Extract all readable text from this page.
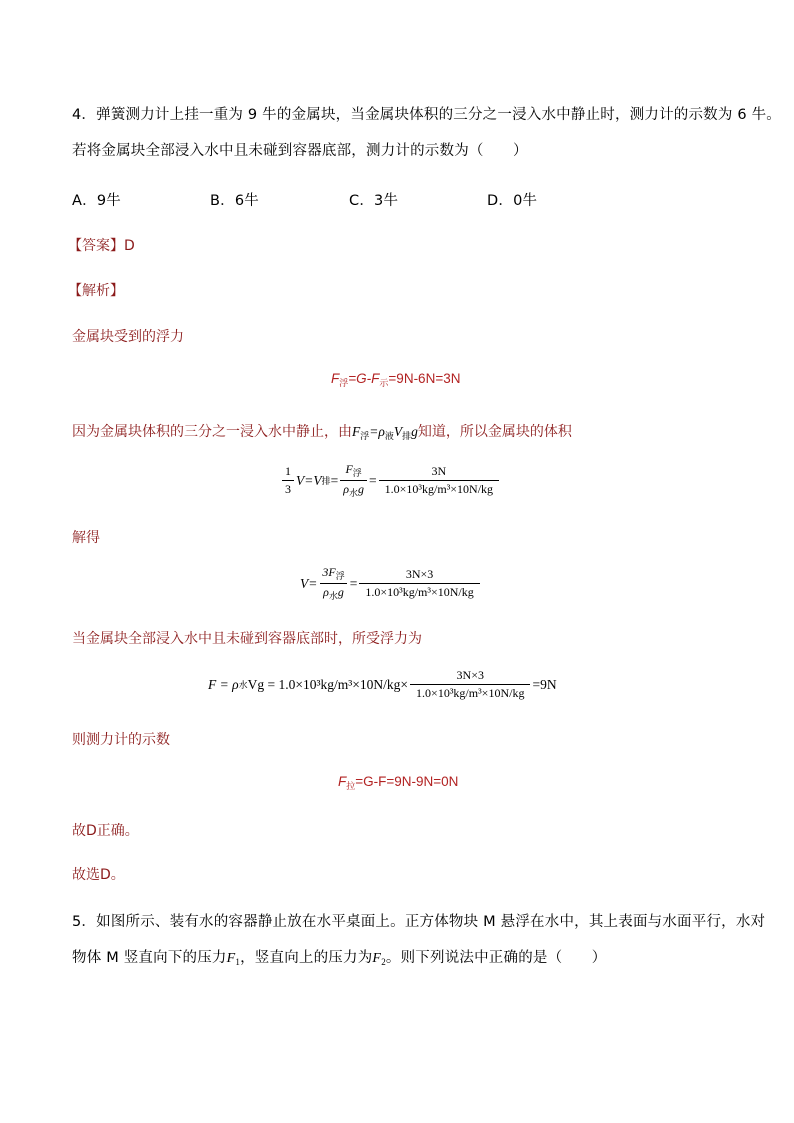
4．弹簧测力计上挂一重为 9 牛的金属块，当金属块体积的三分之一浸入水中静止时，测力计的示数为 6 牛。
若将金属块全部浸入水中且未碰到容器底部，测力计的示数为（　　）
A．9牛	B．6牛	C．3牛	D．0牛
【答案】D
【解析】
金属块受到的浮力
$F_浮=G-F_示=9N-6N=3N$
因为金属块体积的三分之一浸入水中静止，由$F_浮=\rho_液V_排g$知道，所以金属块的体积
$\frac{1}{3} V=V$ 排 = $\frac{F_浮}{\rho_水g} = \frac{3N}{\text{1.0×10³kg/m³×10N/kg}}$
解得
$V= \frac{3F_浮}{\rho_水g} = \frac{3N\times 3}{\text{1.0×10³kg/m³×10N/kg}}$
当金属块全部浸入水中且未碰到容器底部时，所受浮力为
F = ρ 水 $Vg = 1.0\times 10^3kg/m^3\times 10N/kg\times \frac{3N\times 3}{\text{1.0×10³kg/m³×10N/kg}} =9N$
则测力计的示数
$F_拉=G-F=9N-9N=0N$
故D正确。
故选D。
5．如图所示、装有水的容器静止放在水平桌面上。正方体物块 M 悬浮在水中，其上表面与水面平行，水对
物体 M 竖直向下的压力$F_1$，竖直向上的压力为$F_2$。则下列说法中正确的是（　　）
